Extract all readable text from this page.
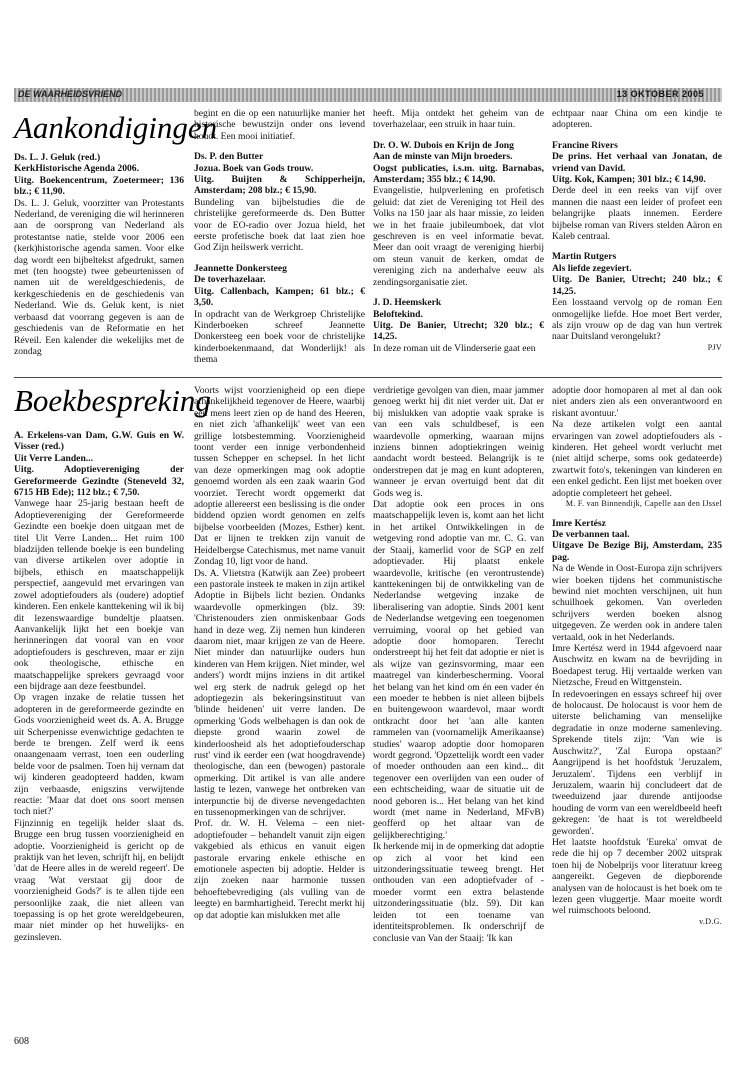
DE WAARHEIDSVRIEND	13 OKTOBER 2005
Aankondigingen

Ds. L. J. Geluk (red.)

KerkHistorische Agenda 2006.

Uitg. Boekencentrum, Zoetermeer; 136 blz.; € 11,90.

Ds. L. J. Geluk, voorzitter van Protestants Nederland, de vereniging die wil herinneren aan de oorsprong van Nederland als protestantse natie, stelde voor 2006 een (kerk)historische agenda samen. Voor elke dag wordt een bijbeltekst afgedrukt, samen met (ten hoogste) twee gebeurtenissen of namen uit de wereldgeschiedenis, de kerkgeschiedenis en de geschiedenis van Nederland. Wie ds. Geluk kent, is niet verbaasd dat voorrang gegeven is aan de geschiedenis van de Reformatie en het Réveil. Een kalender die wekelijks met de zondag

begint en die op een natuurlijke manier het historische bewustzijn onder ons levend houdt. Een mooi initiatief.

Ds. P. den Butter

Jozua. Boek van Gods trouw.

Uitg. Buijten & Schipperheijn, Amsterdam; 208 blz.; € 15,90.

Bundeling van bijbelstudies die de christelijke gereformeerde ds. Den Butter voor de EO-radio over Jozua hield, het eerste profetische boek dat laat zien hoe God Zijn heilswerk verricht.

Jeannette Donkersteeg

De toverhazelaar.

Uitg. Callenbach, Kampen; 61 blz.; € 3,50.

In opdracht van de Werkgroep Christelijke Kinderboeken schreef Jeannette Donkersteeg een boek voor de christelijke kinderboekenmaand, dat Wonderlijk! als thema

heeft. Mija ontdekt het geheim van de toverhazelaar, een struik in haar tuin.

Dr. O. W. Dubois en Krijn de Jong

Aan de minste van Mijn broeders.

Oogst publicaties, i.s.m. uitg. Barnabas, Amsterdam; 355 blz.; € 14,90.

Evangelistie, hulpverlening en profetisch geluid: dat ziet de Vereniging tot Heil des Volks na 150 jaar als haar missie, zo leiden we in het fraaie jubileumboek, dat vlot geschreven is en veel informatie bevat. Meer dan ooit vraagt de vereniging hierbij om steun vanuit de kerken, omdat de vereniging zich na anderhalve eeuw als zendingsorganisatie ziet.

J. D. Heemskerk

Beloftekind.

Uitg. De Banier, Utrecht; 320 blz.; € 14,25.

In deze roman uit de Vlinderserie gaat een

echtpaar naar China om een kindje te adopteren.

Francine Rivers

De prins. Het verhaal van Jonatan, de vriend van David.

Uitg. Kok, Kampen; 301 blz.; € 14,90.

Derde deel in een reeks van vijf over mannen die naast een leider of profeet een belangrijke plaats innemen. Eerdere bijbelse roman van Rivers stelden Aäron en Kaleb centraal.

Martin Rutgers

Als liefde zegeviert.

Uitg. De Banier, Utrecht; 240 blz.; € 14,25.

Een losstaand vervolg op de roman Een onmogelijke liefde. Hoe moet Bert verder, als zijn vrouw op de dag van hun vertrek naar Duitsland verongelukt?

PJV

Boekbespreking

A. Erkelens-van Dam, G.W. Guis en W. Visser (red.)

Uit Verre Landen...

Uitg. Adoptievereniging der Gereformeerde Gezindte (Steneveld 32, 6715 HB Ede); 112 blz.; € 7,50.

Vanwege haar 25-jarig bestaan heeft de Adoptievereniging der Gereformeerde Gezindte een boekje doen uitgaan met de titel Uit Verre Landen... Het ruim 100 bladzijden tellende boekje is een bundeling van diverse artikelen over adoptie in bijbels, ethisch en maatschappelijk perspectief, aangevuld met ervaringen van zowel adoptiefouders als (oudere) adoptief kinderen. Een enkele kanttekening wil ik bij dit lezenswaardige bundeltje plaatsen. Aanvankelijk lijkt het een boekje van herinneringen dat vooral van en voor adoptiefouders is geschreven, maar er zijn ook theologische, ethische en maatschappelijke sprekers gevraagd voor een bijdrage aan deze feestbundel.

Op vragen inzake de relatie tussen het adopteren in de gereformeerde gezindte en Gods voorzienigheid weet ds. A. A. Brugge uit Scherpenisse evenwichtige gedachten te berde te brengen. Zelf werd ik eens onaangenaam verrast, toen een ouderling belde voor de psalmen. Toen hij vernam dat wij kinderen geadopteerd hadden, kwam zijn verbaasde, enigszins verwijtende reactie: 'Maar dat doet ons soort mensen toch niet?'

Fijnzinnig en tegelijk helder slaat ds. Brugge een brug tussen voorzienigheid en adoptie. Voorzienigheid is gericht op de praktijk van het leven, schrijft hij, en belijdt 'dat de Heere alles in de wereld regeert'. De vraag 'Wat verstaat gij door de voorzienigheid Gods?' is te allen tijde een persoonlijke zaak, die niet alleen van toepassing is op het grote wereldgebeuren, maar niet minder op het huwelijks- en gezinsleven.

Voorts wijst voorzienigheid op een diepe afhankelijkheid tegenover de Heere, waarbij een mens leert zien op de hand des Heeren, en niet zich 'afhankelijk' weet van een grillige lotsbestemming. Voorzienigheid toont verder een innige verbondenheid tussen Schepper en schepsel. In het licht van deze opmerkingen mag ook adoptie genoemd worden als een zaak waarin God voorziet. Terecht wordt opgemerkt dat adoptie allereerst een beslissing is die onder biddend opzien wordt genomen en zelfs bijbelse voorbeelden (Mozes, Esther) kent. Dat er lijnen te trekken zijn vanuit de Heidelbergse Catechismus, met name vanuit Zondag 10, ligt voor de hand.

Ds. A. Vlietstra (Katwijk aan Zee) probeert een pastorale insteek te maken in zijn artikel Adoptie in Bijbels licht bezien. Ondanks waardevolle opmerkingen (blz. 39: 'Christenouders zien onmiskenbaar Gods hand in deze weg. Zij nemen hun kinderen daarom niet, maar krijgen ze van de Heere. Niet minder dan natuurlijke ouders hun kinderen van Hem krijgen. Niet minder, wel anders') wordt mijns inziens in dit artikel wel erg sterk de nadruk gelegd op het adoptiegezin als bekeringsinstituut van 'blinde heidenen' uit verre landen. De opmerking 'Gods welbehagen is dan ook de diepste grond waarin zowel de kinderloosheid als het adoptiefouderschap rust' vind ik eerder een (wat hoogdravende) theologische, dan een (bewogen) pastorale opmerking. Dit artikel is van alle andere lastig te lezen, vanwege het ontbreken van interpunctie bij de diverse nevengedachten en tussenopmerkingen van de schrijver.

Prof. dr. W. H. Velema – een niet-adoptiefouder – behandelt vanuit zijn eigen vakgebied als ethicus en vanuit eigen pastorale ervaring enkele ethische en emotionele aspecten bij adoptie. Helder is zijn zoeken naar harmonie tussen behoeftebevrediging (als vulling van de leegte) en barmhartigheid. Terecht merkt hij op dat adoptie kan mislukken met alle

verdrietige gevolgen van dien, maar jammer genoeg werkt hij dit niet verder uit. Dat er bij mislukken van adoptie vaak sprake is van een vals schuldbesef, is een waardevolle opmerking, waaraan mijns inziens binnen adoptiekringen weinig aandacht wordt besteed. Belangrijk is te onderstrepen dat je mag en kunt adopteren, wanneer je ervan overtuigd bent dat dit Gods weg is.

Dat adoptie ook een proces in ons maatschappelijk leven is, komt aan het licht in het artikel Ontwikkelingen in de wetgeving rond adoptie van mr. C. G. van der Staaij, kamerlid voor de SGP en zelf adoptievader. Hij plaatst enkele waardevolle, kritische (en verontrustende) kanttekeningen bij de ontwikkeling van de Nederlandse wetgeving inzake de liberalisering van adoptie. Sinds 2001 kent de Nederlandse wetgeving een toegenomen verruiming, vooral op het gebied van adoptie door homoparen. Terecht onderstreept hij het feit dat adoptie er niet is als wijze van gezinsvorming, maar een maatregel van kinderbescherming. Vooral het belang van het kind om én een vader én een moeder te hebben is niet alleen bijbels en buitengewoon waardevol, maar wordt ontkracht door het 'aan alle kanten rammelen van (voornamelijk Amerikaanse) studies' waarop adoptie door homoparen wordt gegrond. 'Opzettelijk wordt een vader of moeder onthouden aan een kind... dit tegenover een overlijden van een ouder of een echtscheiding, waar de situatie uit de nood geboren is... Het belang van het kind wordt (met name in Nederland, MFvB) geofferd op het altaar van de gelijkberechtiging.'

Ik herkende mij in de opmerking dat adoptie op zich al voor het kind een uitzonderingssituatie teweeg brengt. Het onthouden van een adoptiefvader of -moeder vormt een extra belastende uitzonderingssituatie (blz. 59). Dit kan leiden tot een toename van identiteitsproblemen. Ik onderschrijf de conclusie van Van der Staaij: 'Ik kan

adoptie door homoparen al met al dan ook niet anders zien als een onverantwoord en riskant avontuur.'

Na deze artikelen volgt een aantal ervaringen van zowel adoptiefouders als -kinderen. Het geheel wordt verlucht met (niet altijd scherpe, soms ook gedateerde) zwartwit foto's, tekeningen van kinderen en een enkel gedicht. Een lijst met boeken over adoptie completeert het geheel.

M. F. van Binnendijk, Capelle aan den IJssel

Imre Kertész

De verbannen taal.

Uitgave De Bezige Bij, Amsterdam, 235 pag.

Na de Wende in Oost-Europa zijn schrijvers wier boeken tijdens het communistische bewind niet mochten verschijnen, uit hun schuilhoek gekomen. Van overleden schrijvers werden boeken alsnog uitgegeven. Ze werden ook in andere talen vertaald, ook in het Nederlands.

Imre Kertész werd in 1944 afgevoerd naar Auschwitz en kwam na de bevrijding in Boedapest terug. Hij vertaalde werken van Nietzsche, Freud en Wittgenstein.

In redevoeringen en essays schreef hij over de holocaust. De holocaust is voor hem de uiterste belichaming van menselijke degradatie in onze moderne samenleving. Sprekende titels zijn: 'Van wie is Auschwitz?', 'Zal Europa opstaan?' Aangrijpend is het hoofdstuk 'Jeruzalem, Jeruzalem'. Tijdens een verblijf in Jeruzalem, waarin hij concludeert dat de tweeduizend jaar durende antijoodse houding de vorm van een wereldbeeld heeft gekregen: 'de haat is tot wereldbeeld geworden'.

Het laatste hoofdstuk 'Eureka' omvat de rede die hij op 7 december 2002 uitsprak toen hij de Nobelprijs voor literatuur kreeg aangereikt. Gegeven de diepborende analysen van de holocaust is het boek om te lezen geen vluggertje. Maar moeite wordt wel ruimschoots beloond.

v.D.G.

608
